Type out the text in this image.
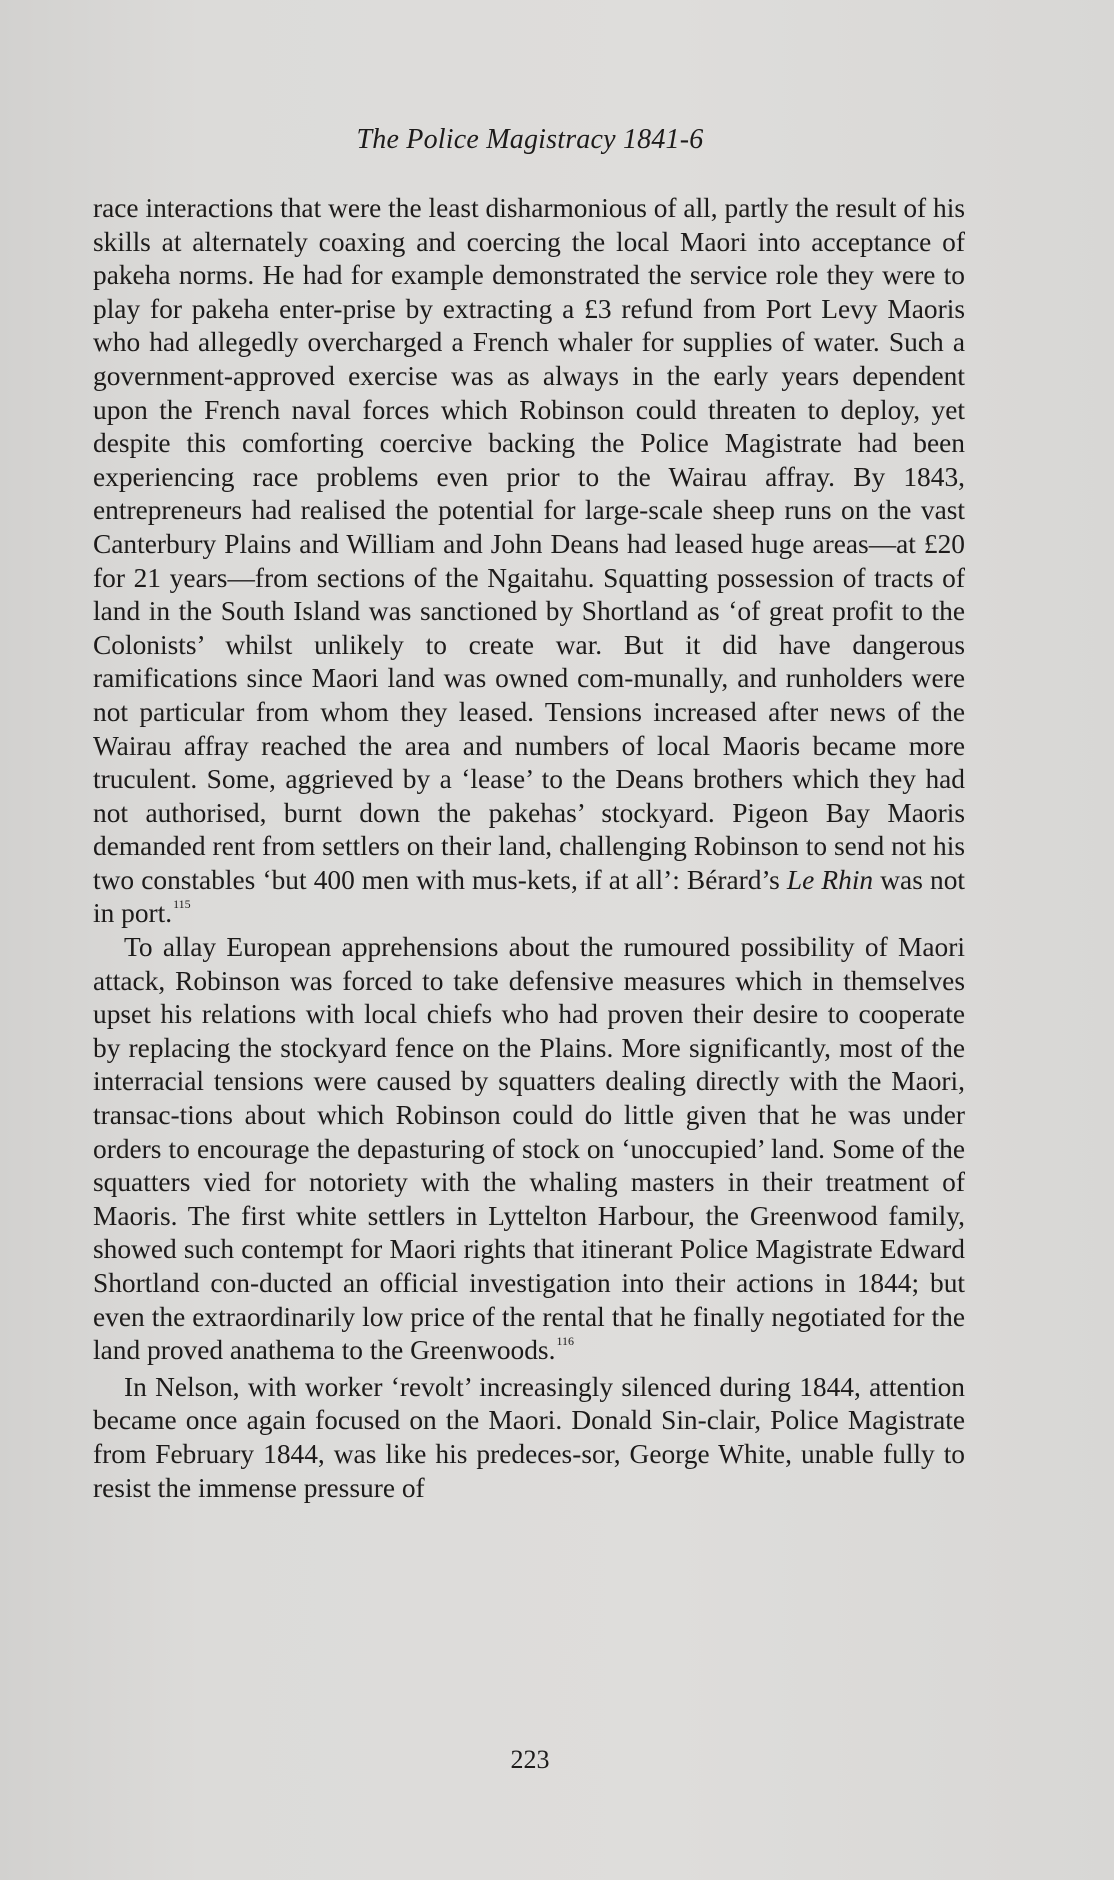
The Police Magistracy 1841-6

race interactions that were the least disharmonious of all, partly the result of his skills at alternately coaxing and coercing the local Maori into acceptance of pakeha norms. He had for example demonstrated the service role they were to play for pakeha enter-prise by extracting a £3 refund from Port Levy Maoris who had allegedly overcharged a French whaler for supplies of water. Such a government-approved exercise was as always in the early years dependent upon the French naval forces which Robinson could threaten to deploy, yet despite this comforting coercive backing the Police Magistrate had been experiencing race problems even prior to the Wairau affray. By 1843, entrepreneurs had realised the potential for large-scale sheep runs on the vast Canterbury Plains and William and John Deans had leased huge areas—at £20 for 21 years—from sections of the Ngaitahu. Squatting possession of tracts of land in the South Island was sanctioned by Shortland as ‘of great profit to the Colonists’ whilst unlikely to create war. But it did have dangerous ramifications since Maori land was owned com-munally, and runholders were not particular from whom they leased. Tensions increased after news of the Wairau affray reached the area and numbers of local Maoris became more truculent. Some, aggrieved by a ‘lease’ to the Deans brothers which they had not authorised, burnt down the pakehas’ stockyard. Pigeon Bay Maoris demanded rent from settlers on their land, challenging Robinson to send not his two constables ‘but 400 men with mus-kets, if at all’: Bérard’s Le Rhin was not in port.$^{115}$

To allay European apprehensions about the rumoured possibility of Maori attack, Robinson was forced to take defensive measures which in themselves upset his relations with local chiefs who had proven their desire to cooperate by replacing the stockyard fence on the Plains. More significantly, most of the interracial tensions were caused by squatters dealing directly with the Maori, transac-tions about which Robinson could do little given that he was under orders to encourage the depasturing of stock on ‘unoccupied’ land. Some of the squatters vied for notoriety with the whaling masters in their treatment of Maoris. The first white settlers in Lyttelton Harbour, the Greenwood family, showed such contempt for Maori rights that itinerant Police Magistrate Edward Shortland con-ducted an official investigation into their actions in 1844; but even the extraordinarily low price of the rental that he finally negotiated for the land proved anathema to the Greenwoods.$^{116}$

In Nelson, with worker ‘revolt’ increasingly silenced during 1844, attention became once again focused on the Maori. Donald Sin-clair, Police Magistrate from February 1844, was like his predeces-sor, George White, unable fully to resist the immense pressure of

223
